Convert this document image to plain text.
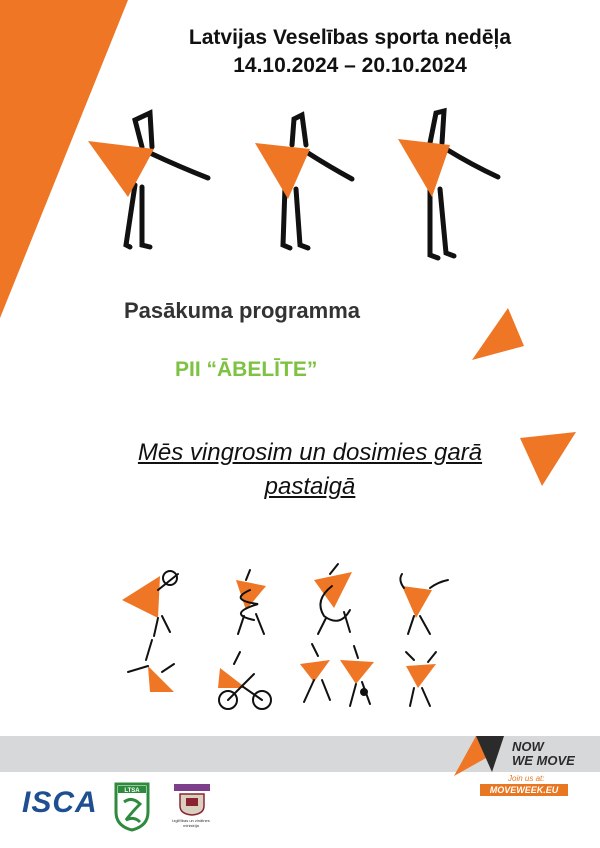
Latvijas Veselības sporta nedēļa
14.10.2024 – 20.10.2024
Pasākuma programma
PII “ĀBELĪTE”
Mēs vingrosim un dosimies garā
pastaigā
NOW
WE MOVE
Join us at:
MOVEWEEK.EU
ISCA	LTSA
Izglītības un zinātnes ministrija
